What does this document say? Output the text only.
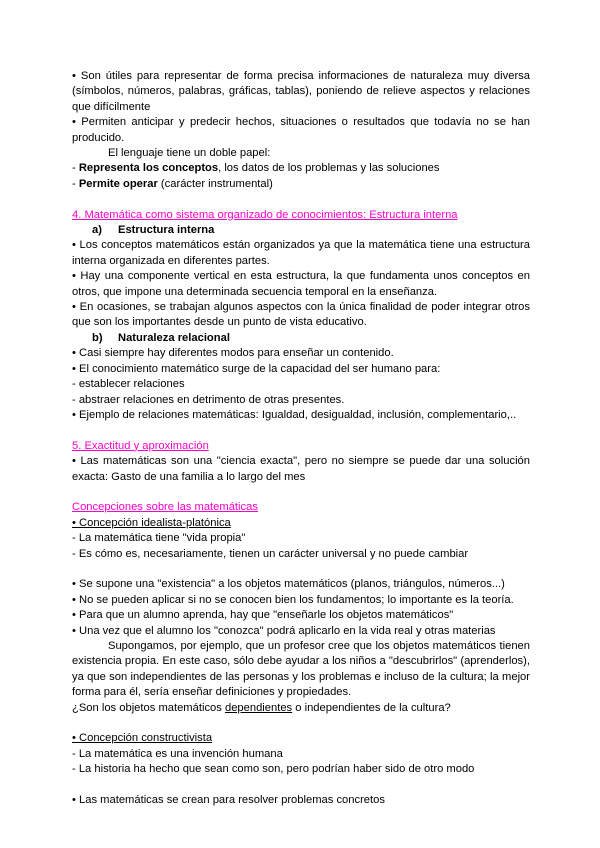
• Son útiles para representar de forma precisa informaciones de naturaleza muy diversa (símbolos, números, palabras, gráficas, tablas), poniendo de relieve aspectos y relaciones que difícilmente

• Permiten anticipar y predecir hechos, situaciones o resultados que todavía no se han producido.

El lenguaje tiene un doble papel:

- Representa los conceptos, los datos de los problemas y las soluciones

- Permite operar (carácter instrumental)

4. Matemática como sistema organizado de conocimientos: Estructura interna

a) Estructura interna

• Los conceptos matemáticos están organizados ya que la matemática tiene una estructura interna organizada en diferentes partes.

• Hay una componente vertical en esta estructura, la que fundamenta unos conceptos en otros, que impone una determinada secuencia temporal en la enseñanza.

• En ocasiones, se trabajan algunos aspectos con la única finalidad de poder integrar otros que son los importantes desde un punto de vista educativo.

b) Naturaleza relacional

• Casi siempre hay diferentes modos para enseñar un contenido.

• El conocimiento matemático surge de la capacidad del ser humano para:

- establecer relaciones

- abstraer relaciones en detrimento de otras presentes.

• Ejemplo de relaciones matemáticas: Igualdad, desigualdad, inclusión, complementario,..

5. Exactitud y aproximación

• Las matemáticas son una "ciencia exacta", pero no siempre se puede dar una solución exacta: Gasto de una familia a lo largo del mes

Concepciones sobre las matemáticas

• Concepción idealista-platónica

- La matemática tiene "vida propia"

- Es cómo es, necesariamente, tienen un carácter universal y no puede cambiar

• Se supone una "existencia" a los objetos matemáticos (planos, triángulos, números...)

• No se pueden aplicar si no se conocen bien los fundamentos; lo importante es la teoría.

• Para que un alumno aprenda, hay que "enseñarle los objetos matemáticos"

• Una vez que el alumno los "conozca" podrá aplicarlo en la vida real y otras materias

Supongamos, por ejemplo, que un profesor cree que los objetos matemáticos tienen existencia propia. En este caso, sólo debe ayudar a los niños a "descubrirlos" (aprenderlos), ya que son independientes de las personas y los problemas e incluso de la cultura; la mejor forma para él, sería enseñar definiciones y propiedades.

¿Son los objetos matemáticos dependientes o independientes de la cultura?

• Concepción constructivista

- La matemática es una invención humana

- La historia ha hecho que sean como son, pero podrían haber sido de otro modo

• Las matemáticas se crean para resolver problemas concretos
